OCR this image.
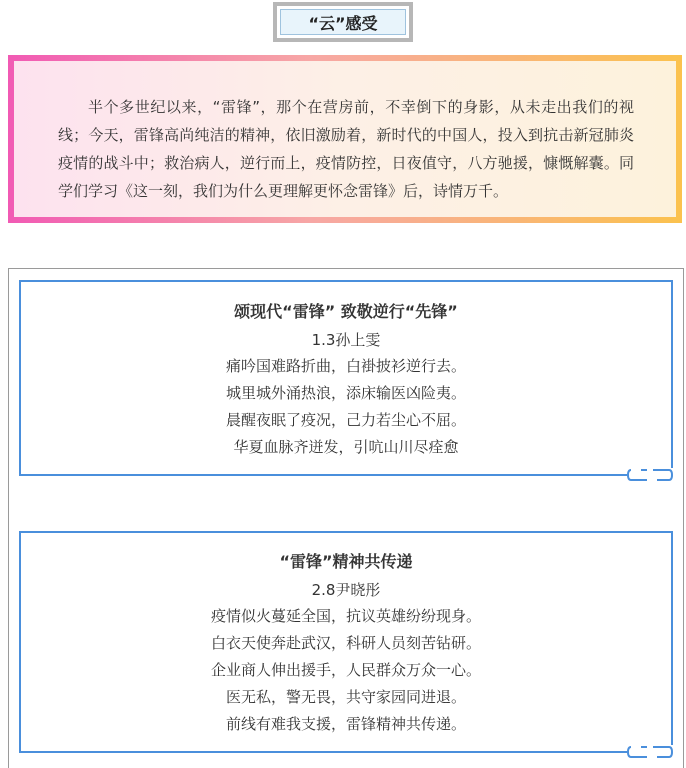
“云”感受
半个多世纪以来，“雷锋”，那个在营房前，不幸倒下的身影，从未走出我们的视线；今天，雷锋高尚纯洁的精神，依旧激励着，新时代的中国人，投入到抗击新冠肺炎疫情的战斗中；救治病人，逆行而上，疫情防控，日夜值守，八方驰援，慷慨解囊。同学们学习《这一刻，我们为什么更理解更怀念雷锋》后，诗情万千。
颂现代“雷锋” 致敬逆行“先锋”
1.3孙上雯
痛吟国难路折曲，白褂披衫逆行去。
城里城外涌热浪，添床输医凶险夷。
晨醒夜眠了疫况，己力若尘心不屈。
华夏血脉齐迸发，引吭山川尽痊愈
“雷锋”精神共传递
2.8尹晓彤
疫情似火蔓延全国，抗议英雄纷纷现身。
白衣天使奔赴武汉，科研人员刻苦钻研。
企业商人伸出援手，人民群众万众一心。
医无私，警无畏，共守家园同进退。
前线有难我支援，雷锋精神共传递。
